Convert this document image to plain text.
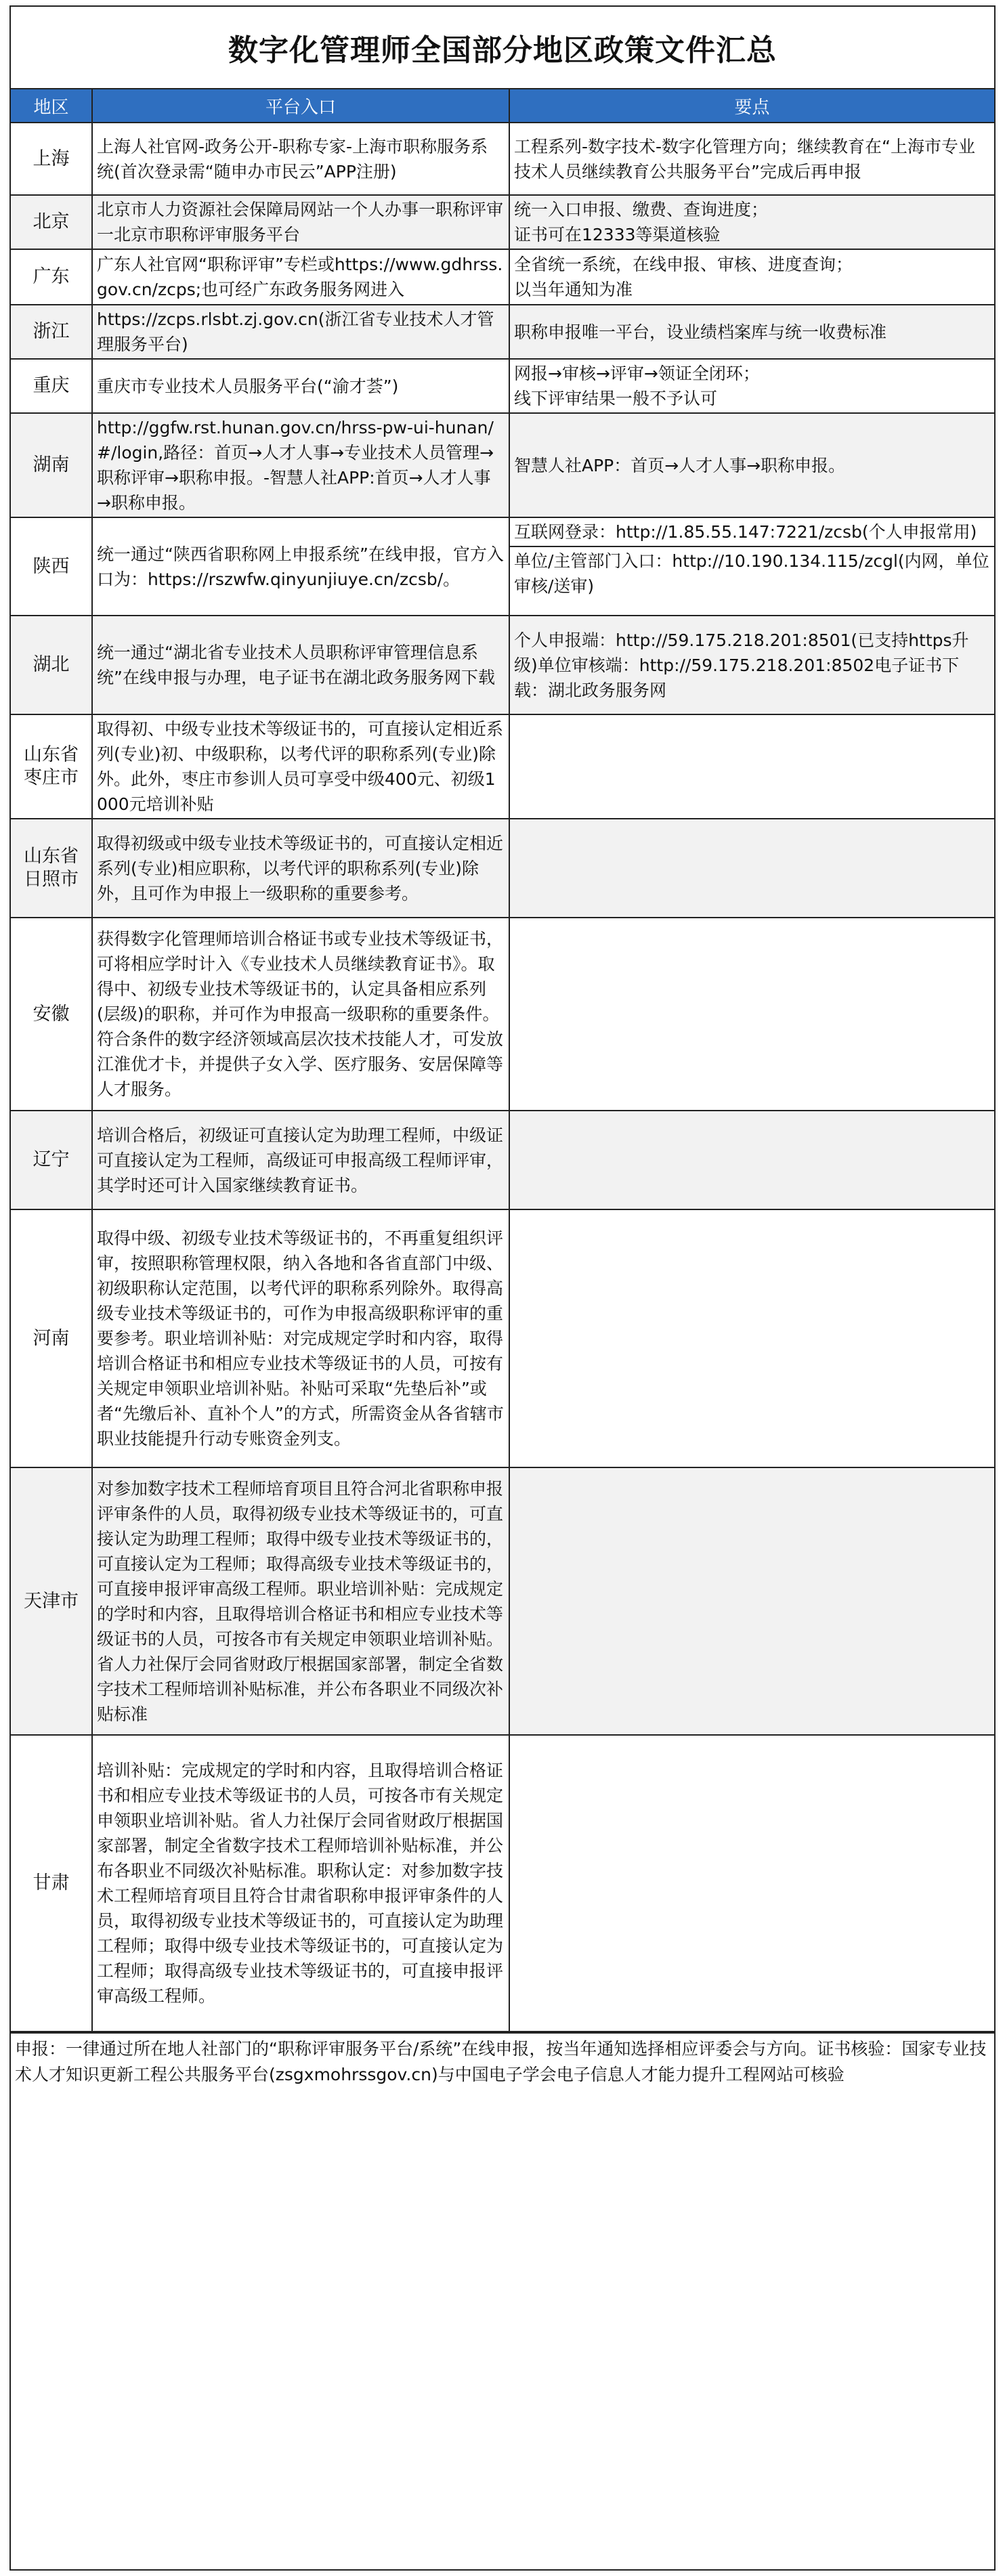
数字化管理师全国部分地区政策文件汇总
地区	平台入口	要点
上海	上海人社官网-政务公开-职称专家-上海市职称服务系统(首次登录需“随申办市民云”APP注册)	工程系列-数字技术-数字化管理方向；继续教育在“上海市专业技术人员继续教育公共服务平台”完成后再申报
北京	北京市人力资源社会保障局网站一个人办事一职称评审一北京市职称评审服务平台	统一入口申报、缴费、查询进度；
证书可在12333等渠道核验
广东	广东人社官网“职称评审”专栏或https://www.gdhrss.gov.cn/zcps;也可经广东政务服务网进入	全省统一系统，在线申报、审核、进度查询；
以当年通知为准
浙江	https://zcps.rlsbt.zj.gov.cn(浙江省专业技术人才管理服务平台)	职称申报唯一平台，设业绩档案库与统一收费标准
重庆	重庆市专业技术人员服务平台(“渝才荟”)	网报→审核→评审→领证全闭环；
线下评审结果一般不予认可
湖南	http://ggfw.rst.hunan.gov.cn/hrss-pw-ui-hunan/#/login,路径：首页→人才人事→专业技术人员管理→职称评审→职称申报。-智慧人社APP:首页→人才人事→职称申报。	智慧人社APP：首页→人才人事→职称申报。
陕西	统一通过“陕西省职称网上申报系统”在线申报，官方入口为：https://rszwfw.qinyunjiuye.cn/zcsb/。	互联网登录：http://1.85.55.147:7221/zcsb(个人申报常用)
单位/主管部门入口：http://10.190.134.115/zcgl(内网，单位审核/送审)

湖北	统一通过“湖北省专业技术人员职称评审管理信息系统”在线申报与办理，电子证书在湖北政务服务网下载	个人申报端：http://59.175.218.201:8501(已支持https升级)单位审核端：http://59.175.218.201:8502电子证书下载：湖北政务服务网
山东省
枣庄市	取得初、中级专业技术等级证书的，可直接认定相近系列(专业)初、中级职称，以考代评的职称系列(专业)除外。此外，枣庄市参训人员可享受中级400元、初级1000元培训补贴	
山东省
日照市	取得初级或中级专业技术等级证书的，可直接认定相近系列(专业)相应职称，以考代评的职称系列(专业)除外，且可作为申报上一级职称的重要参考。	
安徽	获得数字化管理师培训合格证书或专业技术等级证书，可将相应学时计入《专业技术人员继续教育证书》。取得中、初级专业技术等级证书的，认定具备相应系列(层级)的职称，并可作为申报高一级职称的重要条件。符合条件的数字经济领域高层次技术技能人才，可发放江淮优才卡，并提供子女入学、医疗服务、安居保障等人才服务。	
辽宁	培训合格后，初级证可直接认定为助理工程师，中级证可直接认定为工程师，高级证可申报高级工程师评审，其学时还可计入国家继续教育证书。	
河南	取得中级、初级专业技术等级证书的，不再重复组织评审，按照职称管理权限，纳入各地和各省直部门中级、初级职称认定范围，以考代评的职称系列除外。取得高级专业技术等级证书的，可作为申报高级职称评审的重要参考。职业培训补贴：对完成规定学时和内容，取得培训合格证书和相应专业技术等级证书的人员，可按有关规定申领职业培训补贴。补贴可采取“先垫后补”或者“先缴后补、直补个人”的方式，所需资金从各省辖市职业技能提升行动专账资金列支。	
天津市	对参加数字技术工程师培育项目且符合河北省职称申报评审条件的人员，取得初级专业技术等级证书的，可直接认定为助理工程师；取得中级专业技术等级证书的，可直接认定为工程师；取得高级专业技术等级证书的，可直接申报评审高级工程师。职业培训补贴：完成规定的学时和内容，且取得培训合格证书和相应专业技术等级证书的人员，可按各市有关规定申领职业培训补贴。省人力社保厅会同省财政厅根据国家部署，制定全省数字技术工程师培训补贴标准，并公布各职业不同级次补贴标准	
甘肃	培训补贴：完成规定的学时和内容，且取得培训合格证书和相应专业技术等级证书的人员，可按各市有关规定申领职业培训补贴。省人力社保厅会同省财政厅根据国家部署，制定全省数字技术工程师培训补贴标准，并公布各职业不同级次补贴标准。职称认定：对参加数字技术工程师培育项目且符合甘肃省职称申报评审条件的人员，取得初级专业技术等级证书的，可直接认定为助理工程师；取得中级专业技术等级证书的，可直接认定为工程师；取得高级专业技术等级证书的，可直接申报评审高级工程师。	
申报：一律通过所在地人社部门的“职称评审服务平台/系统”在线申报，按当年通知选择相应评委会与方向。证书核验：国家专业技术人才知识更新工程公共服务平台(zsgxmohrssgov.cn)与中国电子学会电子信息人才能力提升工程网站可核验
